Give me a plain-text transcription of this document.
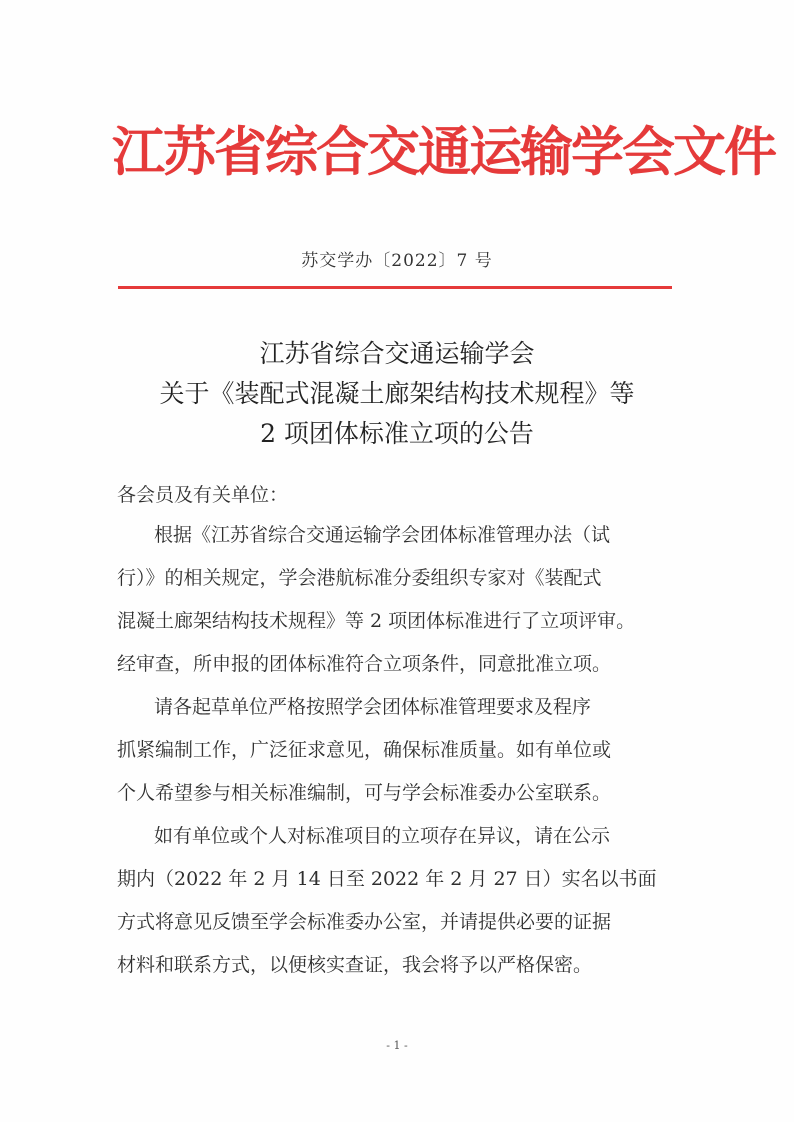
江苏省综合交通运输学会文件
苏交学办〔2022〕7 号
江苏省综合交通运输学会
关于《装配式混凝土廊架结构技术规程》等
2 项团体标准立项的公告
各会员及有关单位：
根据《江苏省综合交通运输学会团体标准管理办法（试
行）》的相关规定，学会港航标准分委组织专家对《装配式
混凝土廊架结构技术规程》等 2 项团体标准进行了立项评审。
经审查，所申报的团体标准符合立项条件，同意批准立项。
请各起草单位严格按照学会团体标准管理要求及程序
抓紧编制工作，广泛征求意见，确保标准质量。如有单位或
个人希望参与相关标准编制，可与学会标准委办公室联系。
如有单位或个人对标准项目的立项存在异议，请在公示
期内（2022 年 2 月 14 日至 2022 年 2 月 27 日）实名以书面
方式将意见反馈至学会标准委办公室，并请提供必要的证据
材料和联系方式，以便核实查证，我会将予以严格保密。
- 1 -
